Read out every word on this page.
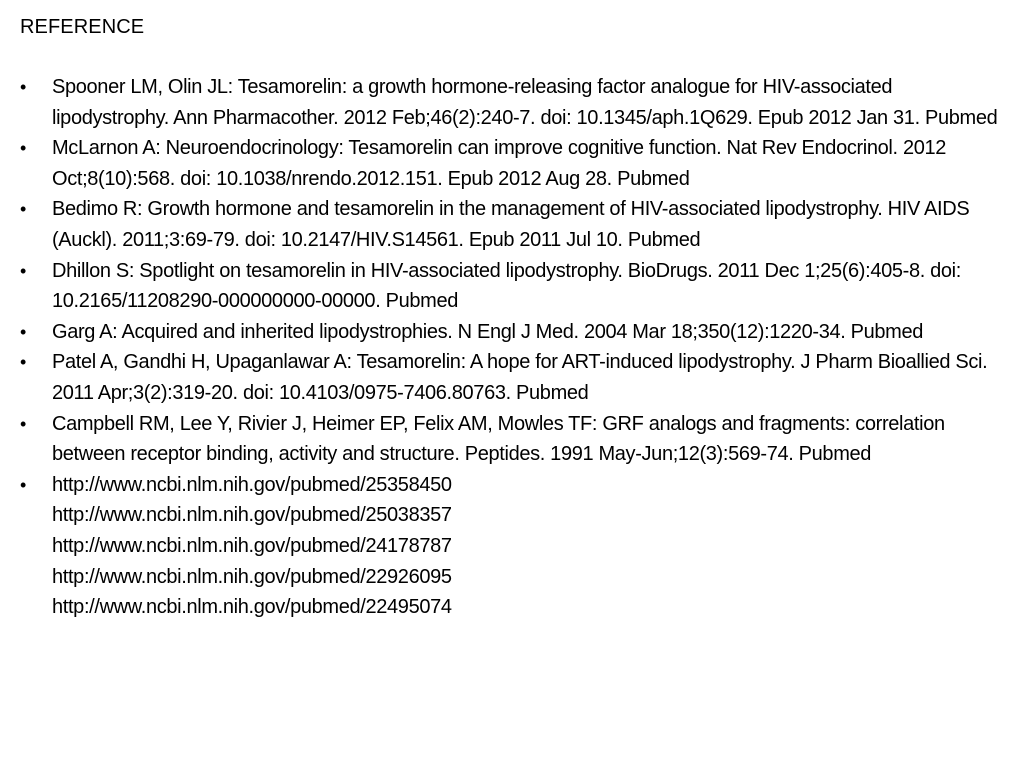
REFERENCE
•	Spooner LM, Olin JL: Tesamorelin: a growth hormone-releasing factor analogue for HIV-associated lipodystrophy. Ann Pharmacother. 2012 Feb;46(2):240-7. doi: 10.1345/aph.1Q629. Epub 2012 Jan 31. Pubmed
•	McLarnon A: Neuroendocrinology: Tesamorelin can improve cognitive function. Nat Rev Endocrinol. 2012 Oct;8(10):568. doi: 10.1038/nrendo.2012.151. Epub 2012 Aug 28. Pubmed
•	Bedimo R: Growth hormone and tesamorelin in the management of HIV-associated lipodystrophy. HIV AIDS (Auckl). 2011;3:69-79. doi: 10.2147/HIV.S14561. Epub 2011 Jul 10. Pubmed
•	Dhillon S: Spotlight on tesamorelin in HIV-associated lipodystrophy. BioDrugs. 2011 Dec 1;25(6):405-8. doi: 10.2165/11208290-000000000-00000. Pubmed
•	Garg A: Acquired and inherited lipodystrophies. N Engl J Med. 2004 Mar 18;350(12):1220-34. Pubmed
•	Patel A, Gandhi H, Upaganlawar A: Tesamorelin: A hope for ART-induced lipodystrophy. J Pharm Bioallied Sci. 2011 Apr;3(2):319-20. doi: 10.4103/0975-7406.80763. Pubmed
•	Campbell RM, Lee Y, Rivier J, Heimer EP, Felix AM, Mowles TF: GRF analogs and fragments: correlation between receptor binding, activity and structure. Peptides. 1991 May-Jun;12(3):569-74. Pubmed
•	http://www.ncbi.nlm.nih.gov/pubmed/25358450
http://www.ncbi.nlm.nih.gov/pubmed/25038357
http://www.ncbi.nlm.nih.gov/pubmed/24178787
http://www.ncbi.nlm.nih.gov/pubmed/22926095
http://www.ncbi.nlm.nih.gov/pubmed/22495074
